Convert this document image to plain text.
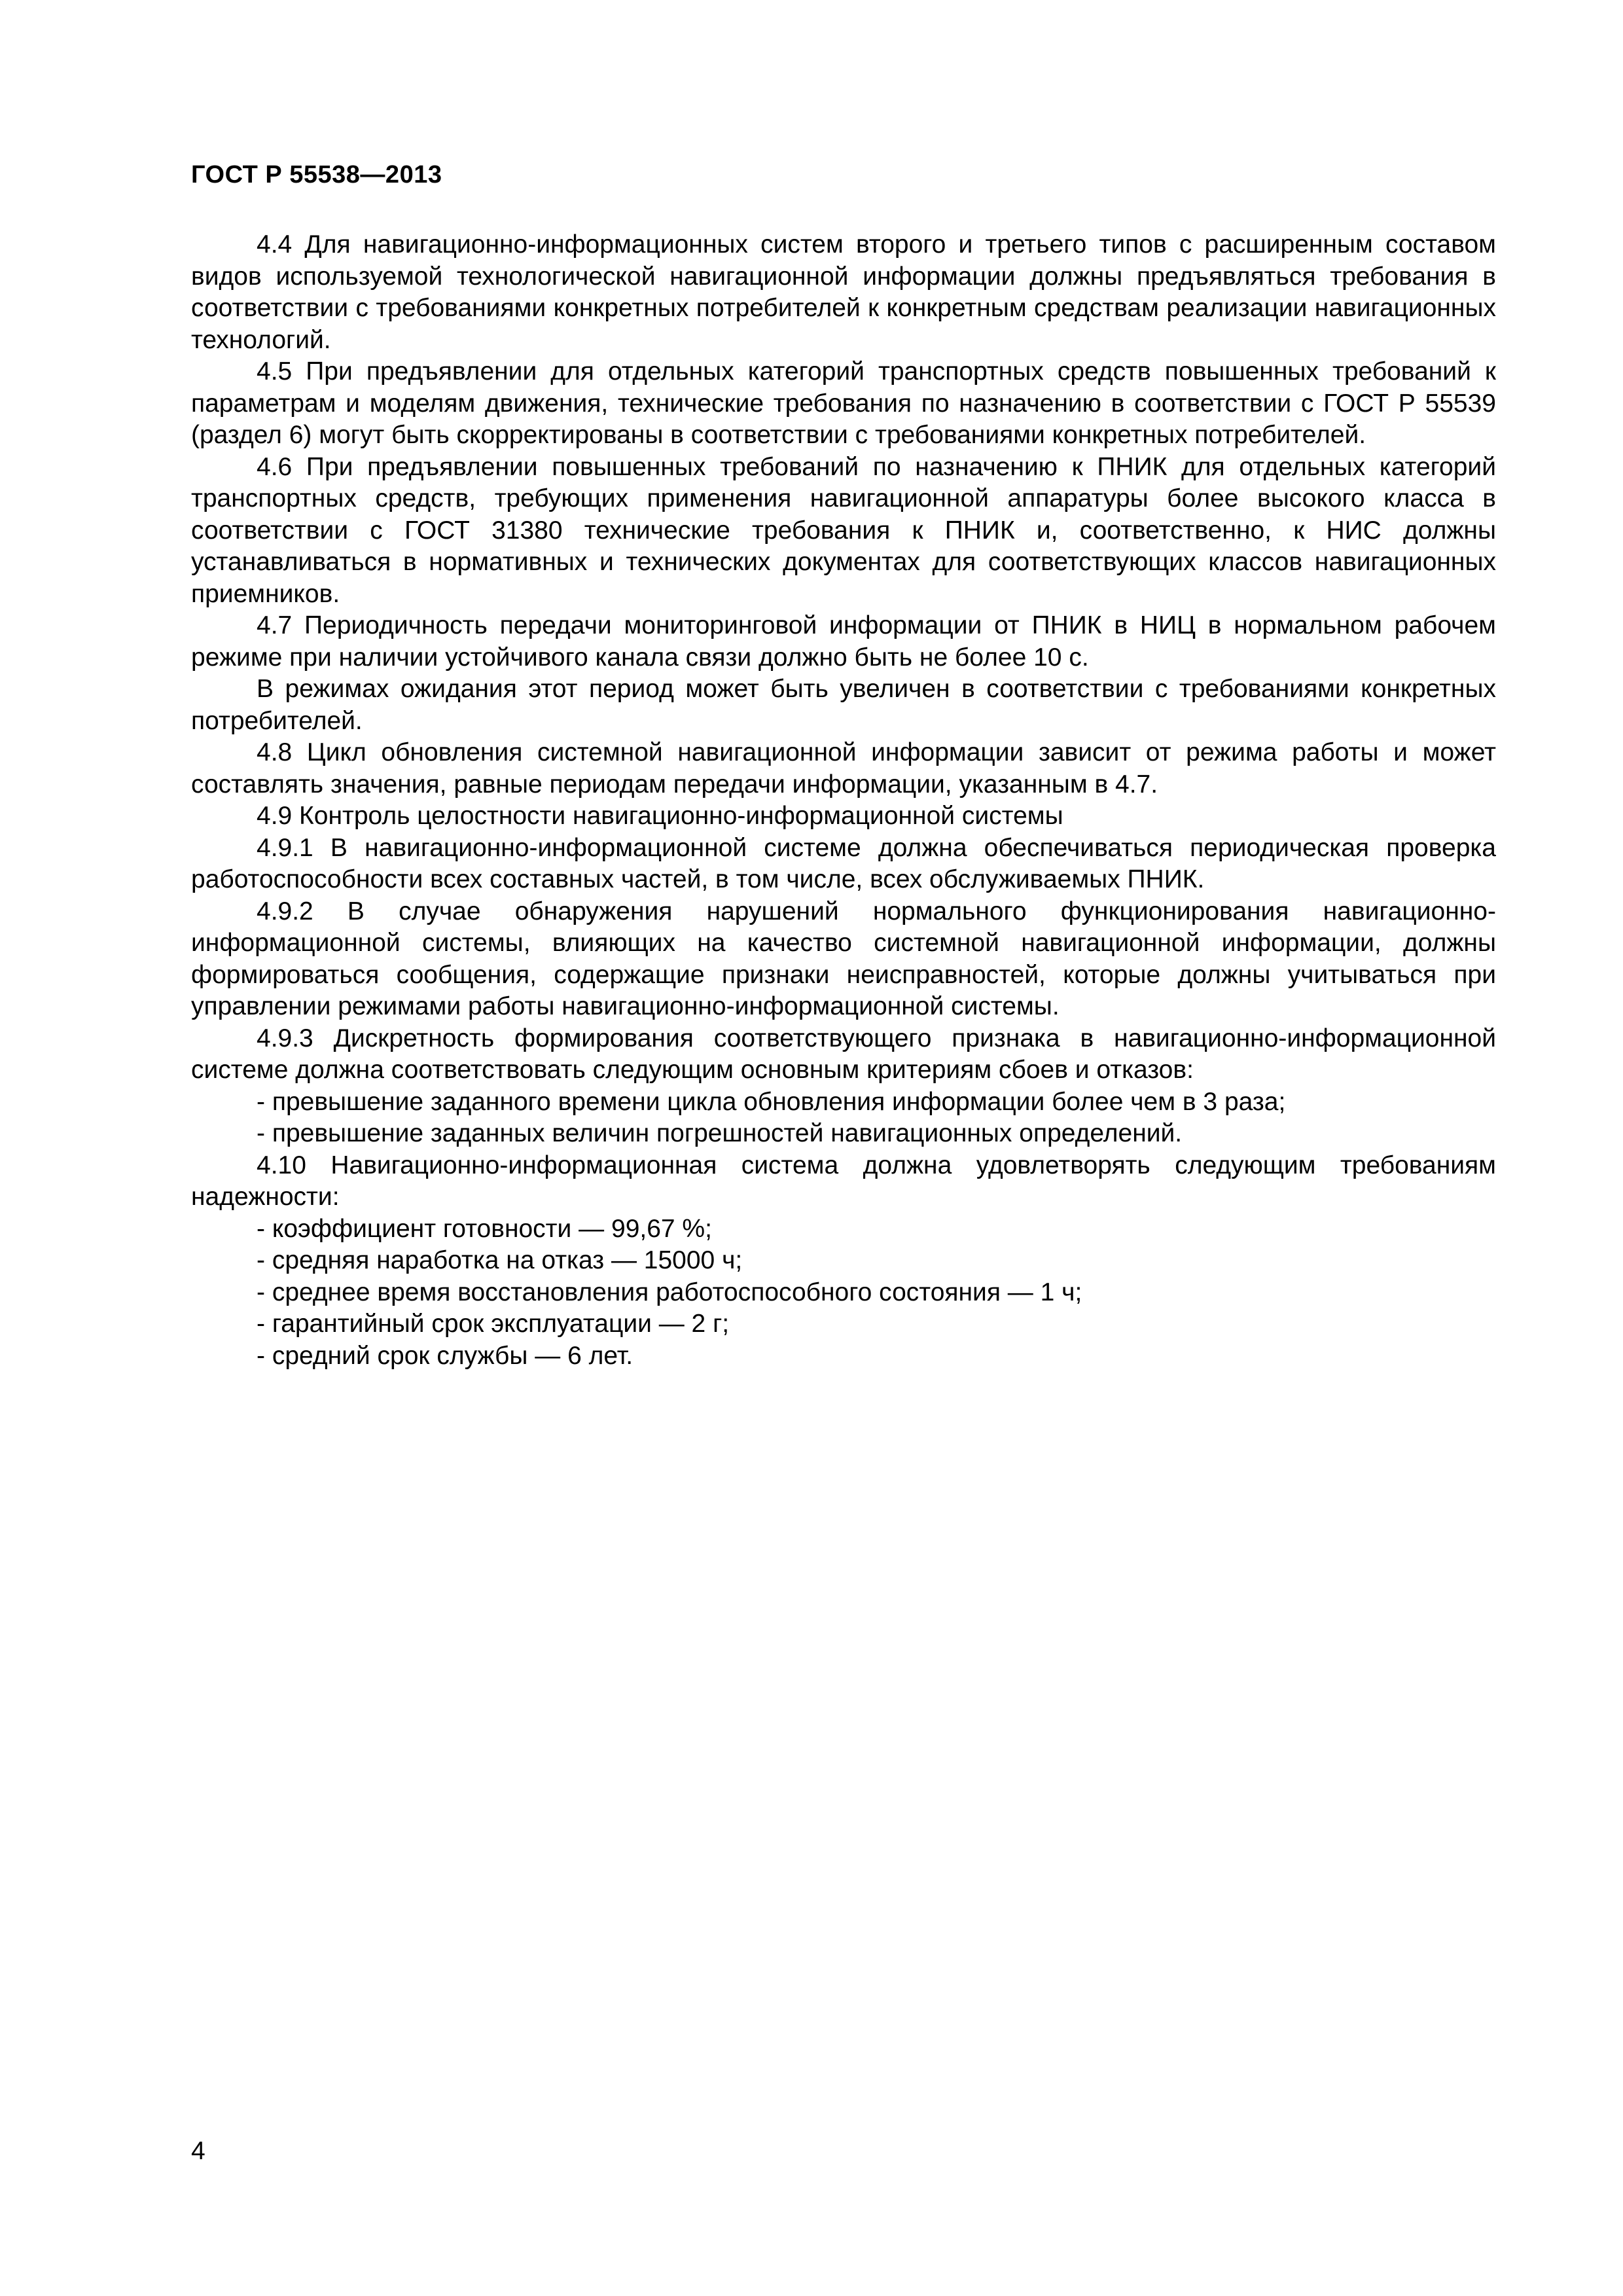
ГОСТ Р 55538—2013

4.4 Для навигационно-информационных систем второго и третьего типов с расширенным составом видов используемой технологической навигационной информации должны предъявляться требования в соответствии с требованиями конкретных потребителей к конкретным средствам реализации навигационных технологий.

4.5 При предъявлении для отдельных категорий транспортных средств повышенных требований к параметрам и моделям движения, технические требования по назначению в соответствии с ГОСТ Р 55539 (раздел 6) могут быть скорректированы в соответствии с требованиями конкретных потребителей.

4.6 При предъявлении повышенных требований по назначению к ПНИК для отдельных категорий транспортных средств, требующих применения навигационной аппаратуры более высокого класса в соответствии с ГОСТ 31380 технические требования к ПНИК и, соответственно, к НИС должны устанавливаться в нормативных и технических документах для соответствующих классов навигационных приемников.

4.7 Периодичность передачи мониторинговой информации от ПНИК в НИЦ в нормальном рабочем режиме при наличии устойчивого канала связи должно быть не более 10 с.

В режимах ожидания этот период может быть увеличен в соответствии с требованиями конкретных потребителей.

4.8 Цикл обновления системной навигационной информации зависит от режима работы и может составлять значения, равные периодам передачи информации, указанным в 4.7.

4.9 Контроль целостности навигационно-информационной системы

4.9.1 В навигационно-информационной системе должна обеспечиваться периодическая проверка работоспособности всех составных частей, в том числе, всех обслуживаемых ПНИК.

4.9.2 В случае обнаружения нарушений нормального функционирования навигационно-информационной системы, влияющих на качество системной навигационной информации, должны формироваться сообщения, содержащие признаки неисправностей, которые должны учитываться при управлении режимами работы навигационно-информационной системы.

4.9.3 Дискретность формирования соответствующего признака в навигационно-информационной системе должна соответствовать следующим основным критериям сбоев и отказов:

- превышение заданного времени цикла обновления информации более чем в 3 раза;

- превышение заданных величин погрешностей навигационных определений.

4.10 Навигационно-информационная система должна удовлетворять следующим требованиям надежности:

- коэффициент готовности — 99,67 %;

- средняя наработка на отказ — 15000 ч;

- среднее время восстановления работоспособного состояния — 1 ч;

- гарантийный срок эксплуатации — 2 г;

- средний срок службы — 6 лет.

4
